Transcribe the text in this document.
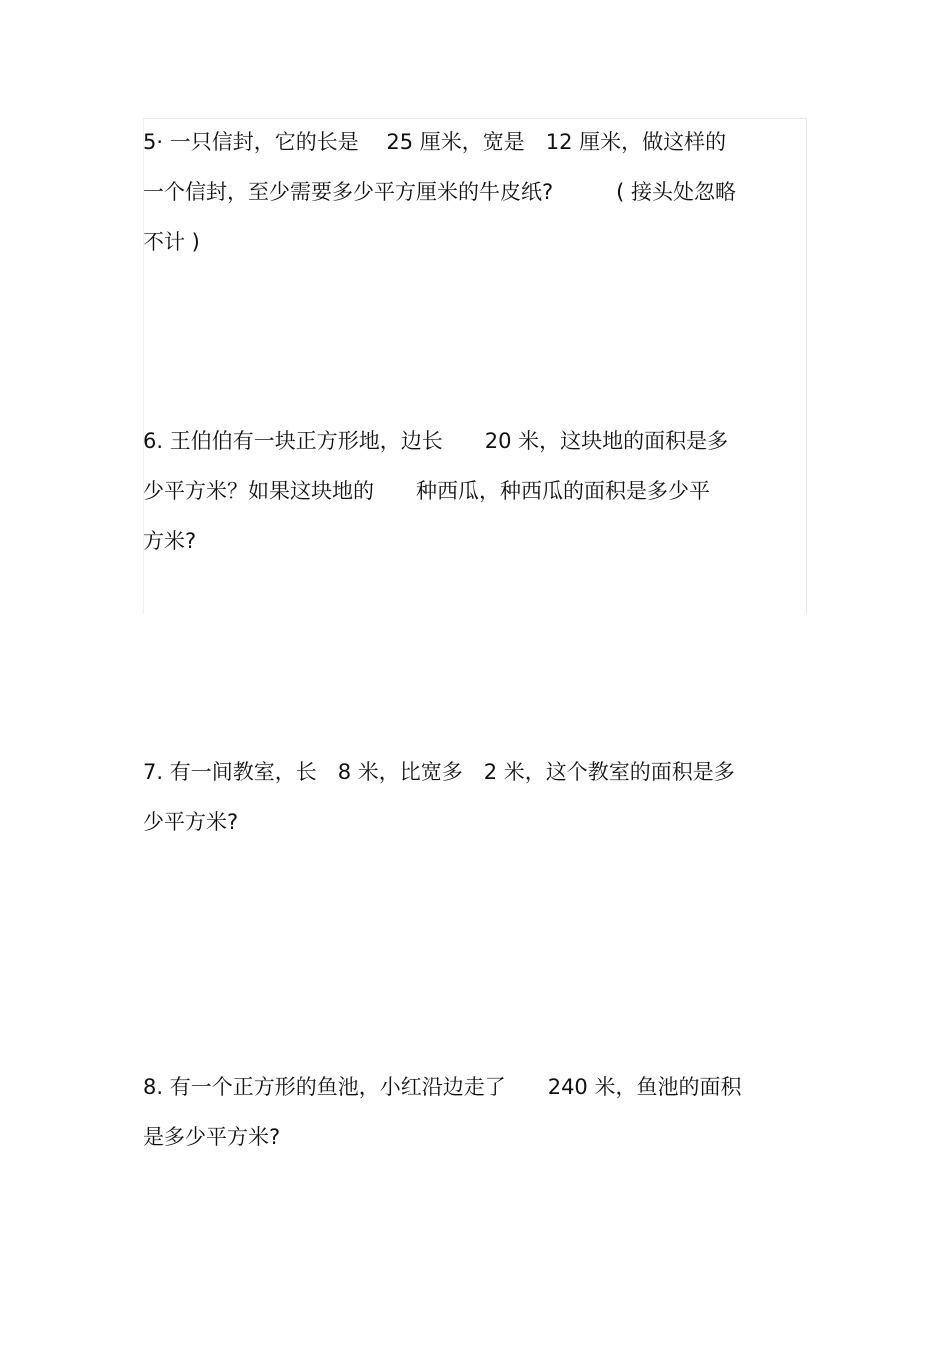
5· 一只信封，它的长是　 25 厘米，宽是　12 厘米，做这样的
一个信封，至少需要多少平方厘米的牛皮纸?　　　( 接头处忽略
不计 )
6. 王伯伯有一块正方形地，边长　　20 米，这块地的面积是多
少平方米？如果这块地的　　种西瓜，种西瓜的面积是多少平
方米?
7. 有一间教室，长　8 米，比宽多　2 米，这个教室的面积是多
少平方米?
8. 有一个正方形的鱼池，小红沿边走了　　240 米，鱼池的面积
是多少平方米?
